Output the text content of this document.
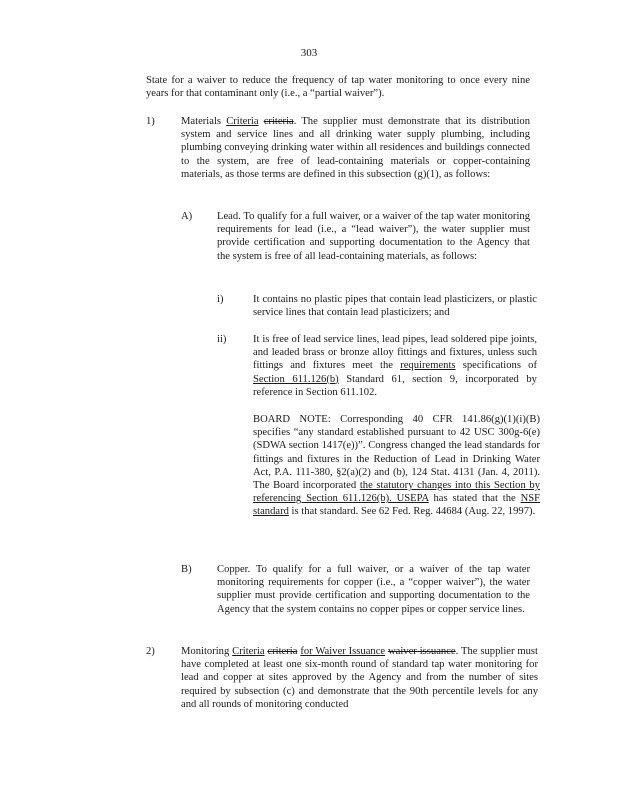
303
State for a waiver to reduce the frequency of tap water monitoring to once every nine years for that contaminant only (i.e., a “partial waiver”).
1) Materials Criteria criteria. The supplier must demonstrate that its distribution system and service lines and all drinking water supply plumbing, including plumbing conveying drinking water within all residences and buildings connected to the system, are free of lead-containing materials or copper-containing materials, as those terms are defined in this subsection (g)(1), as follows:
A) Lead. To qualify for a full waiver, or a waiver of the tap water monitoring requirements for lead (i.e., a “lead waiver”), the water supplier must provide certification and supporting documentation to the Agency that the system is free of all lead-containing materials, as follows:
i)	It contains no plastic pipes that contain lead plasticizers, or plastic service lines that contain lead plasticizers; and
ii)	It is free of lead service lines, lead pipes, lead soldered pipe joints, and leaded brass or bronze alloy fittings and fixtures, unless such fittings and fixtures meet the requirements specifications of Section 611.126(b) Standard 61, section 9, incorporated by reference in Section 611.102.
BOARD NOTE: Corresponding 40 CFR 141.86(g)(1)(i)(B) specifies “any standard established pursuant to 42 USC 300g-6(e) (SDWA section 1417(e))”. Congress changed the lead standards for fittings and fixtures in the Reduction of Lead in Drinking Water Act, P.A. 111-380, §2(a)(2) and (b), 124 Stat. 4131 (Jan. 4, 2011). The Board incorporated the statutory changes into this Section by referencing Section 611.126(b). USEPA has stated that the NSF standard is that standard. See 62 Fed. Reg. 44684 (Aug. 22, 1997).
B) Copper. To qualify for a full waiver, or a waiver of the tap water monitoring requirements for copper (i.e., a “copper waiver”), the water supplier must provide certification and supporting documentation to the Agency that the system contains no copper pipes or copper service lines.
2) Monitoring Criteria criteria for Waiver Issuance waiver issuance. The supplier must have completed at least one six-month round of standard tap water monitoring for lead and copper at sites approved by the Agency and from the number of sites required by subsection (c) and demonstrate that the 90th percentile levels for any and all rounds of monitoring conducted
